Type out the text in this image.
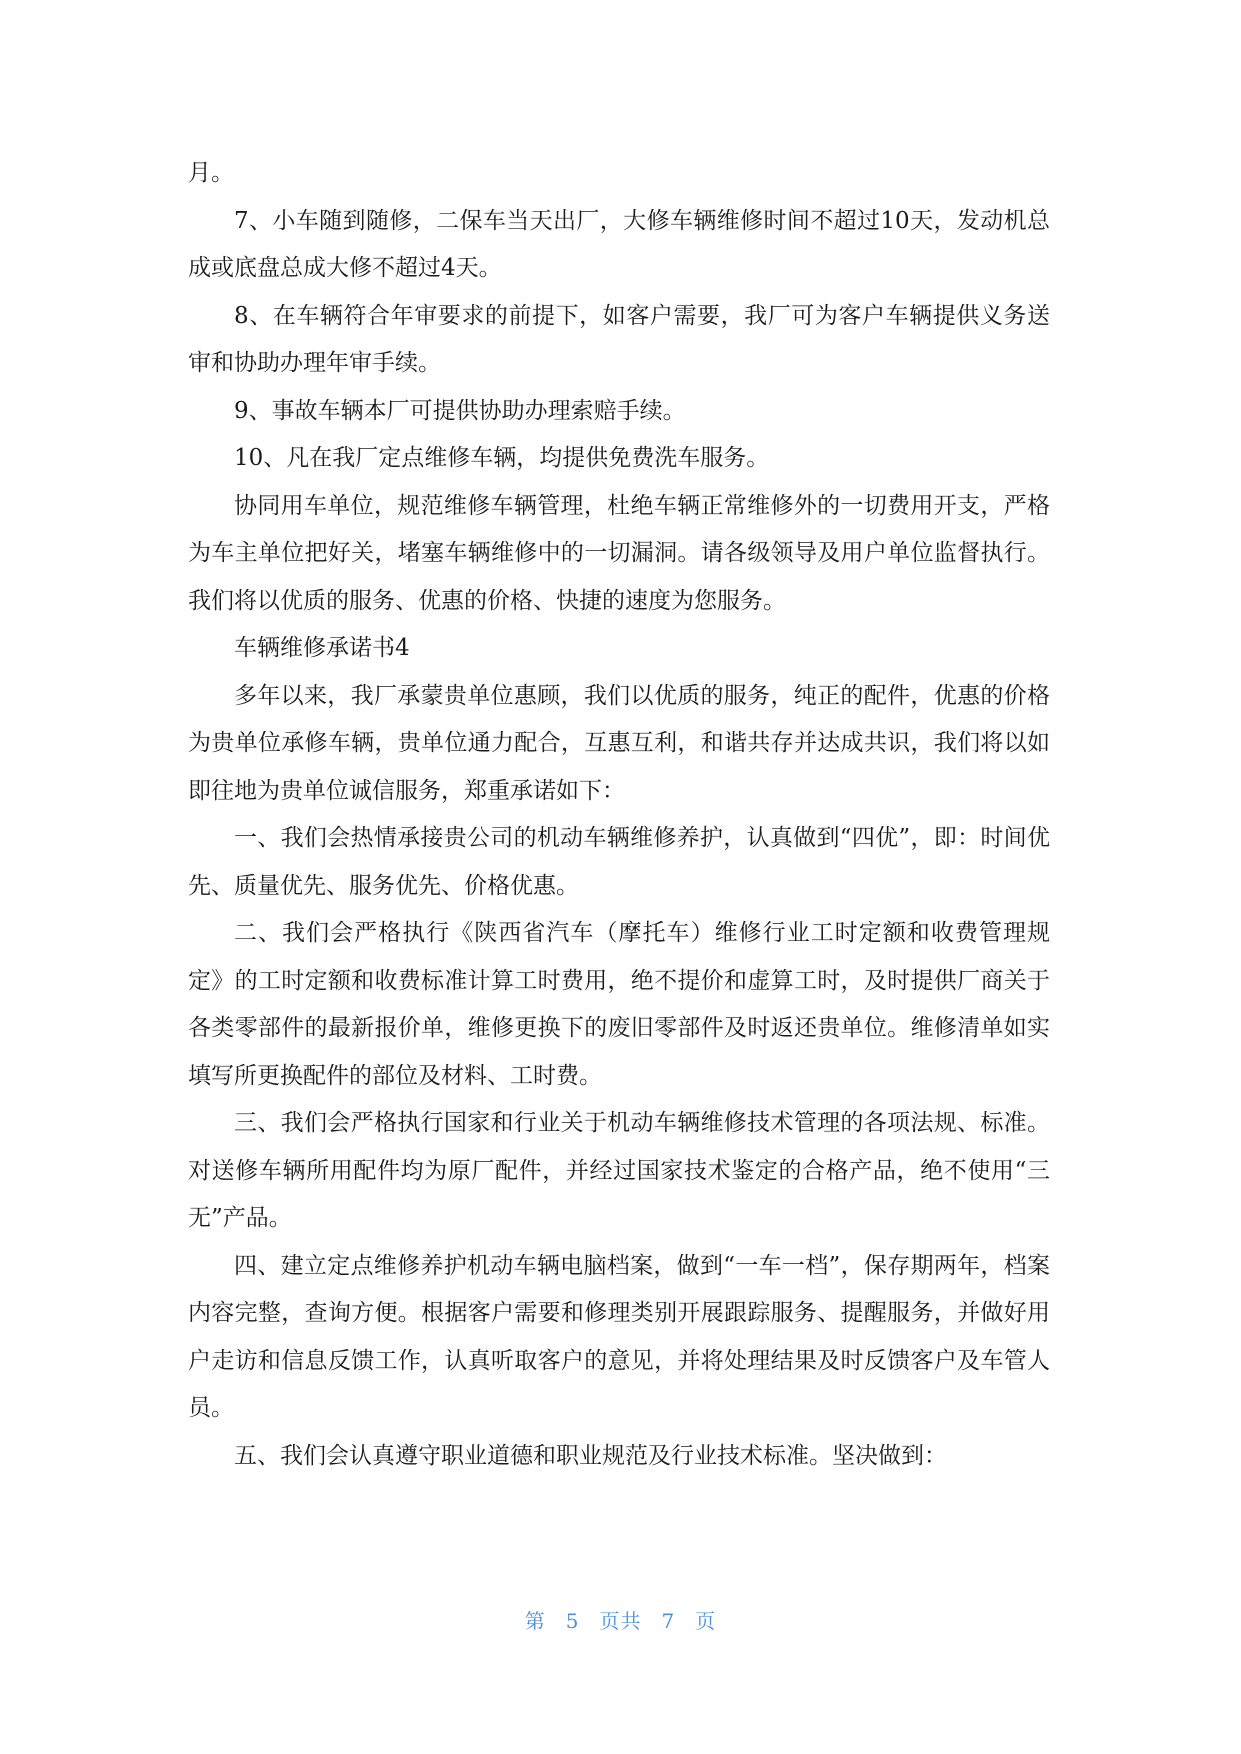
月。

7、小车随到随修，二保车当天出厂，大修车辆维修时间不超过10天，发动机总成或底盘总成大修不超过4天。

8、在车辆符合年审要求的前提下，如客户需要，我厂可为客户车辆提供义务送审和协助办理年审手续。

9、事故车辆本厂可提供协助办理索赔手续。

10、凡在我厂定点维修车辆，均提供免费洗车服务。

协同用车单位，规范维修车辆管理，杜绝车辆正常维修外的一切费用开支，严格为车主单位把好关，堵塞车辆维修中的一切漏洞。请各级领导及用户单位监督执行。我们将以优质的服务、优惠的价格、快捷的速度为您服务。

车辆维修承诺书4

多年以来，我厂承蒙贵单位惠顾，我们以优质的服务，纯正的配件，优惠的价格为贵单位承修车辆，贵单位通力配合，互惠互利，和谐共存并达成共识，我们将以如即往地为贵单位诚信服务，郑重承诺如下：

一、我们会热情承接贵公司的机动车辆维修养护，认真做到“四优”，即：时间优先、质量优先、服务优先、价格优惠。

二、我们会严格执行《陕西省汽车（摩托车）维修行业工时定额和收费管理规定》的工时定额和收费标准计算工时费用，绝不提价和虚算工时，及时提供厂商关于各类零部件的最新报价单，维修更换下的废旧零部件及时返还贵单位。维修清单如实填写所更换配件的部位及材料、工时费。

三、我们会严格执行国家和行业关于机动车辆维修技术管理的各项法规、标准。对送修车辆所用配件均为原厂配件，并经过国家技术鉴定的合格产品，绝不使用“三无”产品。

四、建立定点维修养护机动车辆电脑档案，做到“一车一档”，保存期两年，档案内容完整，查询方便。根据客户需要和修理类别开展跟踪服务、提醒服务，并做好用户走访和信息反馈工作，认真听取客户的意见，并将处理结果及时反馈客户及车管人员。

五、我们会认真遵守职业道德和职业规范及行业技术标准。坚决做到：

第 5 页共 7 页
